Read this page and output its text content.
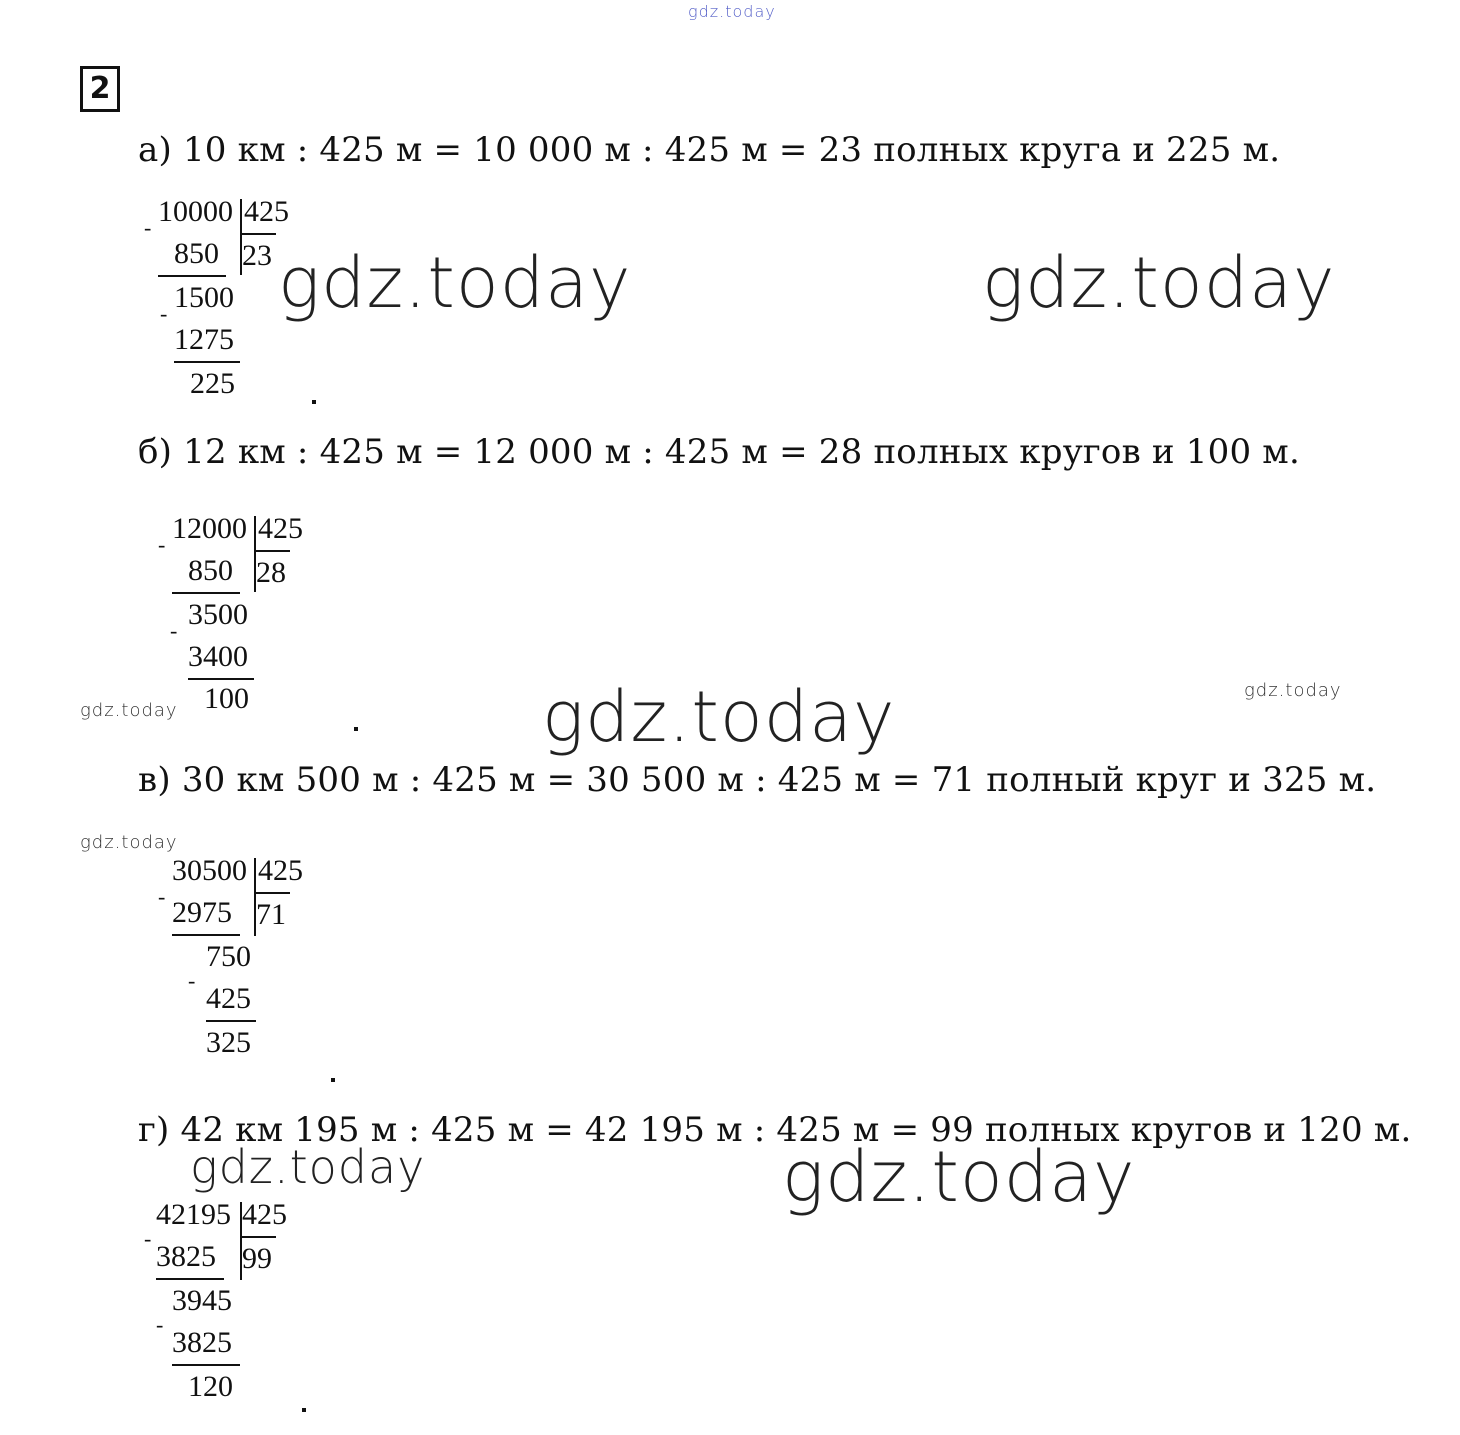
gdz.today
2
а) 10 км : 425 м = 10 000 м : 425 м = 23 полных круга и 225 м.
10000 425
23
-
850
1500
-
1275
225
gdz.today	gdz.today
б) 12 км : 425 м = 12 000 м : 425 м = 28 полных кругов и 100 м.
12000 425
28
-
850
3500
-
3400
100
gdz.today	gdz.today	gdz.today
в) 30 км 500 м : 425 м = 30 500 м : 425 м = 71 полный круг и 325 м.
gdz.today
30500 425
71
- 2975
750
-
425
325
г) 42 км 195 м : 425 м = 42 195 м : 425 м = 99 полных кругов и 120 м.
gdz.today	gdz.today
42195 425
99
-
3825
3945
-
3825
120
